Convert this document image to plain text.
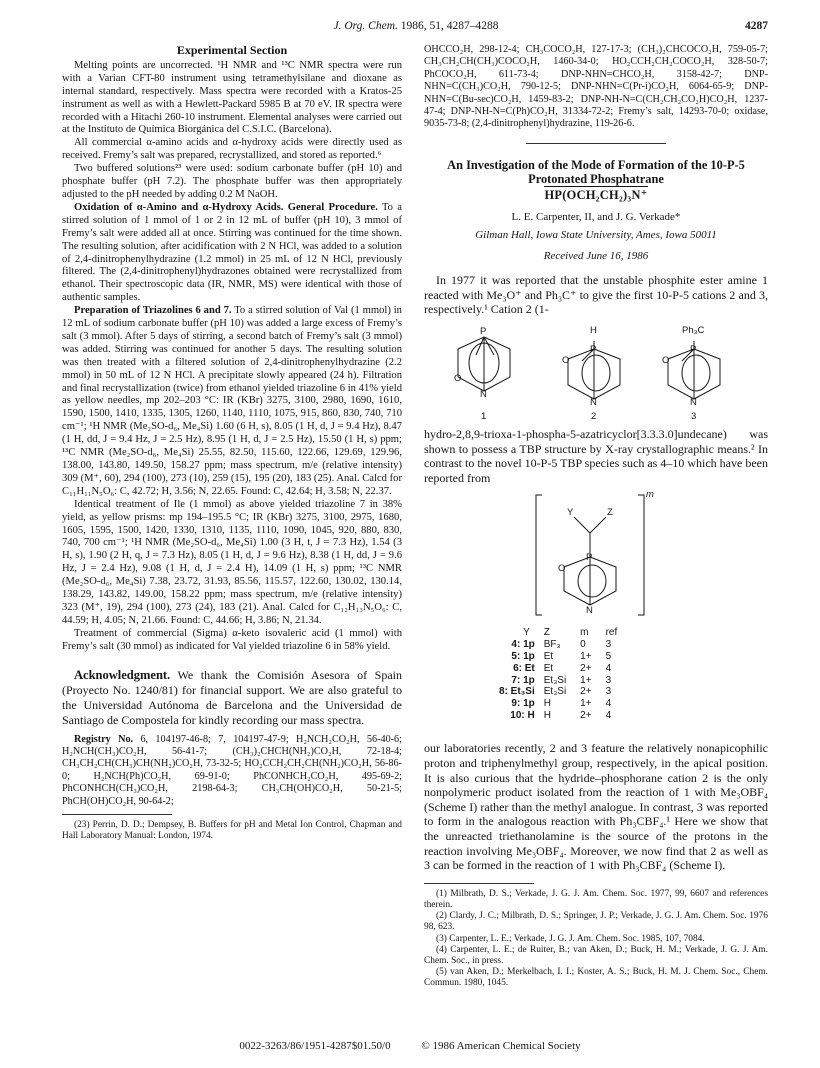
J. Org. Chem. 1986, 51, 4287–4288	4287

Experimental Section

Melting points are uncorrected. ¹H NMR and ¹³C NMR spectra were run with a Varian CFT-80 instrument using tetramethylsilane and dioxane as internal standard, respectively. Mass spectra were recorded with a Kratos-25 instrument as well as with a Hewlett-Packard 5985 B at 70 eV. IR spectra were recorded with a Hitachi 260-10 instrument. Elemental analyses were carried out at the Instituto de Química Biorgánica del C.S.I.C. (Barcelona).

All commercial α-amino acids and α-hydroxy acids were directly used as received. Fremy’s salt was prepared, recrystallized, and stored as reported.⁶

Two buffered solutions²³ were used: sodium carbonate buffer (pH 10) and phosphate buffer (pH 7.2). The phosphate buffer was then appropriately adjusted to the pH needed by adding 0.2 M NaOH.

Oxidation of α-Amino and α-Hydroxy Acids. General Procedure. To a stirred solution of 1 mmol of 1 or 2 in 12 mL of buffer (pH 10), 3 mmol of Fremy’s salt were added all at once. Stirring was continued for the time shown. The resulting solution, after acidification with 2 N HCl, was added to a solution of 2,4-dinitrophenylhydrazine (1.2 mmol) in 25 mL of 12 N HCl, previously filtered. The (2,4-dinitrophenyl)hydrazones obtained were recrystallized from ethanol. Their spectroscopic data (IR, NMR, MS) were identical with those of authentic samples.

Preparation of Triazolines 6 and 7. To a stirred solution of Val (1 mmol) in 12 mL of sodium carbonate buffer (pH 10) was added a large excess of Fremy’s salt (3 mmol). After 5 days of stirring, a second batch of Fremy’s salt (3 mmol) was added. Stirring was continued for another 5 days. The resulting solution was then treated with a filtered solution of 2,4-dinitrophenylhydrazine (2.2 mmol) in 50 mL of 12 N HCl. A precipitate slowly appeared (24 h). Filtration and final recrystallization (twice) from ethanol yielded triazoline 6 in 41% yield as yellow needles, mp 202–203 °C: IR (KBr) 3275, 3100, 2980, 1690, 1610, 1590, 1500, 1410, 1335, 1305, 1260, 1140, 1110, 1075, 915, 860, 830, 740, 710 cm⁻¹; ¹H NMR (Me₂SO-d₆, Me₄Si) 1.60 (6 H, s), 8.05 (1 H, d, J = 9.4 Hz), 8.47 (1 H, dd, J = 9.4 Hz, J = 2.5 Hz), 8.95 (1 H, d, J = 2.5 Hz), 15.50 (1 H, s) ppm; ¹³C NMR (Me₂SO-d₆, Me₄Si) 25.55, 82.50, 115.60, 122.66, 129.69, 129.96, 138.00, 143.80, 149.50, 158.27 ppm; mass spectrum, m/e (relative intensity) 309 (M⁺, 60), 294 (100), 273 (10), 259 (15), 195 (20), 183 (25). Anal. Calcd for C₁₁H₁₁N₅O₆: C, 42.72; H, 3.56; N, 22.65. Found: C, 42.64; H, 3.58; N, 22.37.

Identical treatment of Ile (1 mmol) as above yielded triazoline 7 in 38% yield, as yellow prisms: mp 194–195.5 °C; IR (KBr) 3275, 3100, 2975, 1680, 1605, 1595, 1500, 1420, 1330, 1310, 1135, 1110, 1090, 1045, 920, 880, 830, 740, 700 cm⁻¹; ¹H NMR (Me₂SO-d₆, Me₄Si) 1.00 (3 H, t, J = 7.3 Hz), 1.54 (3 H, s), 1.90 (2 H, q, J = 7.3 Hz), 8.05 (1 H, d, J = 9.6 Hz), 8.38 (1 H, dd, J = 9.6 Hz, J = 2.4 Hz), 9.08 (1 H, d, J = 2.4 H), 14.09 (1 H, s) ppm; ¹³C NMR (Me₂SO-d₆, Me₄Si) 7.38, 23.72, 31.93, 85.56, 115.57, 122.60, 130.02, 130.14, 138.29, 143.82, 149.00, 158.22 ppm; mass spectrum, m/e (relative intensity) 323 (M⁺, 19), 294 (100), 273 (24), 183 (21). Anal. Calcd for C₁₂H₁₃N₅O₆: C, 44.59; H, 4.05; N, 21.66. Found: C, 44.66; H, 3.86; N, 21.34.

Treatment of commercial (Sigma) α-keto isovaleric acid (1 mmol) with Fremy’s salt (30 mmol) as indicated for Val yielded triazoline 6 in 58% yield.

Acknowledgment. We thank the Comisión Asesora of Spain (Proyecto No. 1240/81) for financial support. We are also grateful to the Universidad Autónoma de Barcelona and the Universidad de Santiago de Compostela for kindly recording our mass spectra.

Registry No. 6, 104197-46-8; 7, 104197-47-9; H₂NCH₂CO₂H, 56-40-6; H₂NCH(CH₃)CO₂H, 56-41-7; (CH₃)₂CHCH(NH₂)CO₂H, 72-18-4; CH₃CH₂CH(CH₃)CH(NH₂)CO₂H, 73-32-5; HO₂CCH₂CH₂CH(NH₂)CO₂H, 56-86-0; H₂NCH(Ph)CO₂H, 69-91-0; PhCONHCH₂CO₂H, 495-69-2; PhCONHCH(CH₃)CO₂H, 2198-64-3; CH₃CH(OH)CO₂H, 50-21-5; PhCH(OH)CO₂H, 90-64-2;

(23) Perrin, D. D.; Dempsey, B. Buffers for pH and Metal Ion Control, Chapman and Hall Laboratory Manual: London, 1974.

OHCCO₂H, 298-12-4; CH₃COCO₂H, 127-17-3; (CH₃)₂CHCOCO₂H, 759-05-7; CH₃CH₂CH(CH₃)COCO₂H, 1460-34-0; HO₂CCH₂CH₂COCO₂H, 328-50-7; PhCOCO₂H, 611-73-4; DNP-NHN=CHCO₂H, 3158-42-7; DNP-NHN=C(CH₃)CO₂H, 790-12-5; DNP-NHN=C(Pr-i)CO₂H, 6064-65-9; DNP-NHN=C(Bu-sec)CO₂H, 1459-83-2; DNP-NH-N=C(CH₂CH₂CO₂H)CO₂H, 1237-47-4; DNP-NH-N=C(Ph)CO₂H, 31334-72-2; Fremy’s salt, 14293-70-0; oxidase, 9035-73-8; (2,4-dinitrophenyl)hydrazine, 119-26-6.

An Investigation of the Mode of Formation of the 10-P-5 Protonated Phosphatrane
HP(OCH₂CH₂)₃N⁺
L. E. Carpenter, II, and J. G. Verkade*
Gilman Hall, Iowa State University, Ames, Iowa 50011
Received June 16, 1986

In 1977 it was reported that the unstable phosphite ester amine 1 reacted with Me₃O⁺ and Ph₃C⁺ to give the first 10-P-5 cations 2 and 3, respectively.¹ Cation 2 (1-

P
N
O
H
P
N
O
Ph₃C
P
N
O
1	2	3

hydro-2,8,9-trioxa-1-phospha-5-azatricyclor[3.3.3.0]undecane) was shown to possess a TBP structure by X-ray crystallographic means.² In contrast to the novel 10-P-5 TBP species such as 4–10 which have been reported from

Y	Z
P
N
O
m
Y	Z	m	ref
4: 1p	BF₃	0	3
5: 1p	Et	1+	5
6: Et	Et	2+	4
7: 1p	Et₃Si	1+	3
8: Et₃Si	Et₃Si	2+	3
9: 1p	H	1+	4
10: H	H	2+	4

our laboratories recently, 2 and 3 feature the relatively nonapicophilic proton and triphenylmethyl group, respectively, in the apical position. It is also curious that the hydride–phosphorane cation 2 is the only nonpolymeric product isolated from the reaction of 1 with Me₃OBF₄ (Scheme I) rather than the methyl analogue. In contrast, 3 was reported to form in the analogous reaction with Ph₃CBF₄.¹ Here we show that the unreacted triethanolamine is the source of the protons in the reaction involving Me₃OBF₄. Moreover, we now find that 2 as well as 3 can be formed in the reaction of 1 with Ph₃CBF₄ (Scheme I).

(1) Milbrath, D. S.; Verkade, J. G. J. Am. Chem. Soc. 1977, 99, 6607 and references therein.

(2) Clardy, J. C.; Milbrath, D. S.; Springer, J. P.; Verkade, J. G. J. Am. Chem. Soc. 1976 98, 623.

(3) Carpenter, L. E.; Verkade, J. G. J. Am. Chem. Soc. 1985, 107, 7084.

(4) Carpenter, L. E.; de Ruiter, B.; van Aken, D.; Buck, H. M.; Verkade, J. G. J. Am. Chem. Soc., in press.

(5) van Aken, D.; Merkelbach, I. I.; Koster, A. S.; Buck, H. M. J. Chem. Soc., Chem. Commun. 1980, 1045.

0022-3263/86/1951-4287$01.50/0	© 1986 American Chemical Society
